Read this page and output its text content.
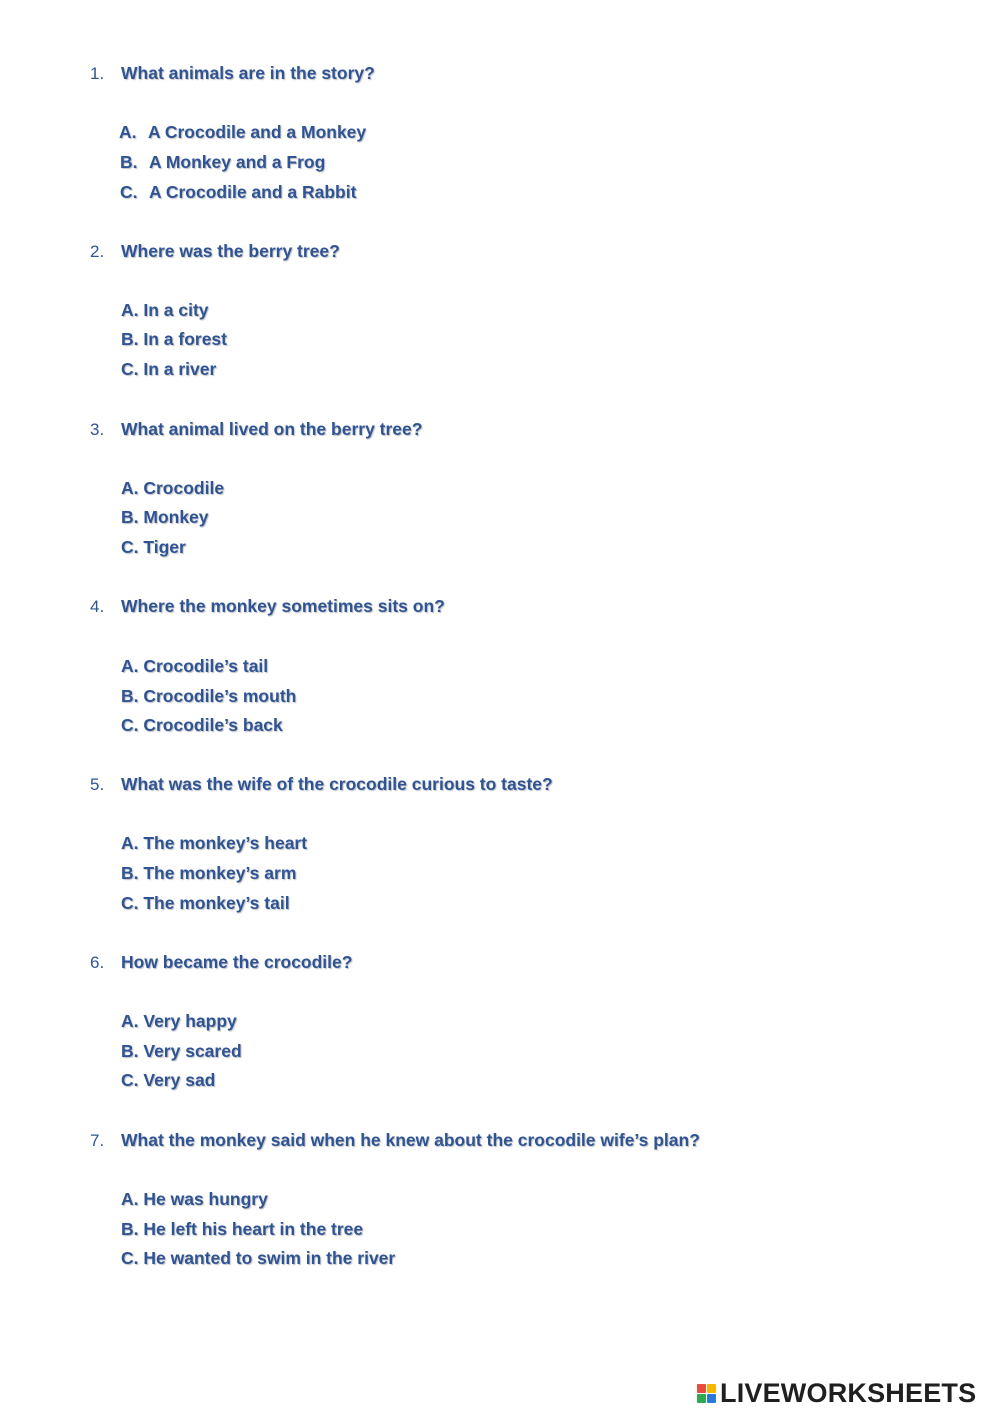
1. What animals are in the story?
A. A Crocodile and a Monkey
B. A Monkey and a Frog
C. A Crocodile and a Rabbit
2. Where was the berry tree?
A. In a city
B. In a forest
C. In a river
3. What animal lived on the berry tree?
A. Crocodile
B. Monkey
C. Tiger
4. Where the monkey sometimes sits on?
A. Crocodile’s tail
B. Crocodile’s mouth
C. Crocodile’s back
5. What was the wife of the crocodile curious to taste?
A. The monkey’s heart
B. The monkey’s arm
C. The monkey’s tail
6. How became the crocodile?
A. Very happy
B. Very scared
C. Very sad
7. What the monkey said when he knew about the crocodile wife’s plan?
A. He was hungry
B. He left his heart in the tree
C. He wanted to swim in the river
LIVEWORKSHEETS
